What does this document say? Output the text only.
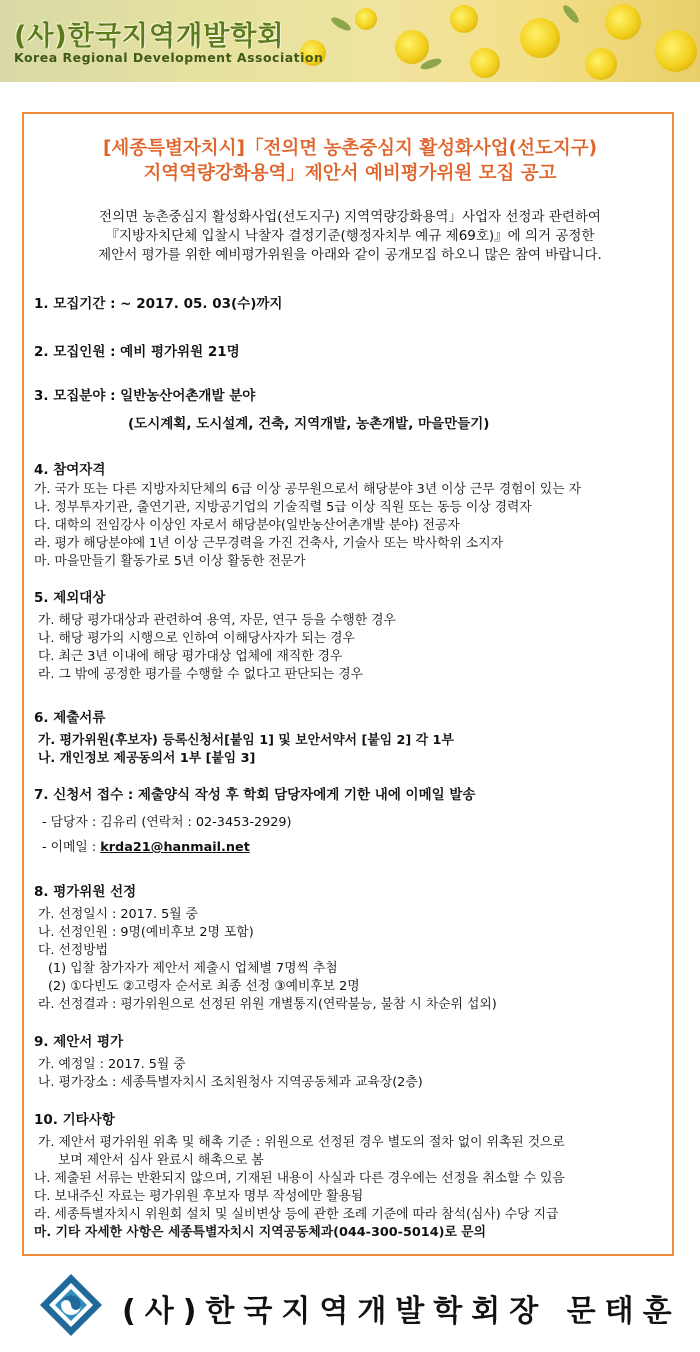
(사)한국지역개발학회
Korea Regional Development Association
[세종특별자치시]「전의면 농촌중심지 활성화사업(선도지구)
지역역량강화용역」제안서 예비평가위원 모집 공고
전의면 농촌중심지 활성화사업(선도지구) 지역역량강화용역」사업자 선정과 관련하여
『지방자치단체 입찰시 낙찰자 결정기준(행정자치부 예규 제69호)』에 의거 공정한
제안서 평가를 위한 예비평가위원을 아래와 같이 공개모집 하오니 많은 참여 바랍니다.
1. 모집기간 : ~ 2017. 05. 03(수)까지
2. 모집인원 : 예비 평가위원 21명
3. 모집분야 : 일반농산어촌개발 분야
(도시계획, 도시설계, 건축, 지역개발, 농촌개발, 마을만들기)
4. 참여자격
가. 국가 또는 다른 지방자치단체의 6급 이상 공무원으로서 해당분야 3년 이상 근무 경험이 있는 자
나. 정부투자기관, 출연기관, 지방공기업의 기술직렬 5급 이상 직원 또는 동등 이상 경력자
다. 대학의 전임강사 이상인 자로서 해당분야(일반농산어촌개발 분야) 전공자
라. 평가 해당분야에 1년 이상 근무경력을 가진 건축사, 기술사 또는 박사학위 소지자
마. 마을만들기 활동가로 5년 이상 활동한 전문가
5. 제외대상
가. 해당 평가대상과 관련하여 용역, 자문, 연구 등을 수행한 경우
나. 해당 평가의 시행으로 인하여 이해당사자가 되는 경우
다. 최근 3년 이내에 해당 평가대상 업체에 재직한 경우
라. 그 밖에 공정한 평가를 수행할 수 없다고 판단되는 경우
6. 제출서류
가. 평가위원(후보자) 등록신청서[붙임 1] 및 보안서약서 [붙임 2] 각 1부
나. 개인정보 제공동의서 1부 [붙임 3]
7. 신청서 접수 : 제출양식 작성 후 학회 담당자에게 기한 내에 이메일 발송
- 담당자 : 김유리 (연락처 : 02-3453-2929)
- 이메일 : krda21@hanmail.net
8. 평가위원 선정
가. 선정일시 : 2017. 5월 중
나. 선정인원 : 9명(예비후보 2명 포함)
다. 선정방법
(1) 입찰 참가자가 제안서 제출시 업체별 7명씩 추첨
(2) ①다빈도 ②고령자 순서로 최종 선정 ③예비후보 2명
라. 선정결과 : 평가위원으로 선정된 위원 개별통지(연락불능, 불참 시 차순위 섭외)
9. 제안서 평가
가. 예정일 : 2017. 5월 중
나. 평가장소 : 세종특별자치시 조치원청사 지역공동체과 교육장(2층)
10. 기타사항
가. 제안서 평가위원 위촉 및 해촉 기준 : 위원으로 선정된 경우 별도의 절차 없이 위촉된 것으로
보며 제안서 심사 완료시 해촉으로 봄
나. 제출된 서류는 반환되지 않으며, 기재된 내용이 사실과 다른 경우에는 선정을 취소할 수 있음
다. 보내주신 자료는 평가위원 후보자 명부 작성에만 활용됨
라. 세종특별자치시 위원회 설치 및 실비변상 등에 관한 조례 기준에 따라 참석(심사) 수당 지급
마. 기타 자세한 사항은 세종특별자치시 지역공동체과(044-300-5014)로 문의
(사)한국지역개발학회장 문태훈
